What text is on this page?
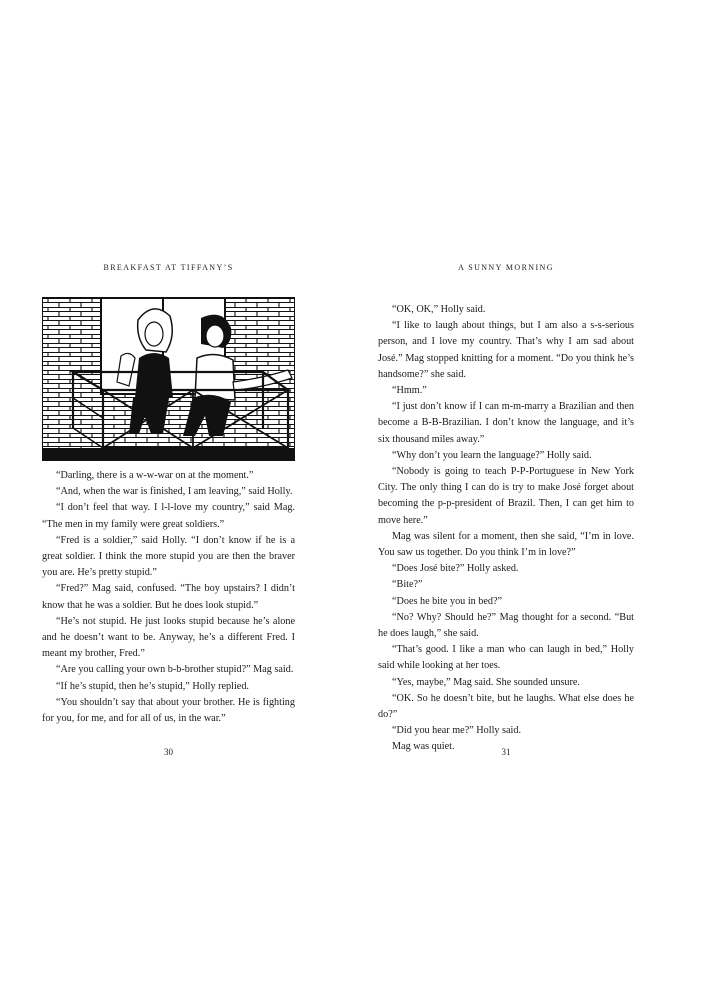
BREAKFAST AT TIFFANY’S

“Darling, there is a w-w-war on at the moment.”

“And, when the war is finished, I am leaving,” said Holly.

“I don’t feel that way. I l-l-love my country,” said Mag. “The men in my family were great soldiers.”

“Fred is a soldier,” said Holly. “I don’t know if he is a great soldier. I think the more stupid you are then the braver you are. He’s pretty stupid.”

“Fred?” Mag said, confused. “The boy upstairs? I didn’t know that he was a soldier. But he does look stupid.”

“He’s not stupid. He just looks stupid because he’s alone and he doesn’t want to be. Anyway, he’s a different Fred. I meant my brother, Fred.”

“Are you calling your own b-b-brother stupid?” Mag said.

“If he’s stupid, then he’s stupid,” Holly replied.

“You shouldn’t say that about your brother. He is fighting for you, for me, and for all of us, in the war.”

30
A SUNNY MORNING

“OK, OK,” Holly said.

“I like to laugh about things, but I am also a s-s-serious person, and I love my country. That’s why I am sad about José.” Mag stopped knitting for a moment. “Do you think he’s handsome?” she said.

“Hmm.”

“I just don’t know if I can m-m-marry a Brazilian and then become a B-B-Brazilian. I don’t know the language, and it’s six thousand miles away.”

“Why don’t you learn the language?” Holly said.

“Nobody is going to teach P-P-Portuguese in New York City. The only thing I can do is try to make José forget about becoming the p-p-president of Brazil. Then, I can get him to move here.”

Mag was silent for a moment, then she said, “I’m in love. You saw us together. Do you think I’m in love?”

“Does José bite?” Holly asked.

“Bite?”

“Does he bite you in bed?”

“No? Why? Should he?” Mag thought for a second. “But he does laugh,” she said.

“That’s good. I like a man who can laugh in bed,” Holly said while looking at her toes.

“Yes, maybe,” Mag said. She sounded unsure.

“OK. So he doesn’t bite, but he laughs. What else does he do?”

“Did you hear me?” Holly said.

Mag was quiet.	31
